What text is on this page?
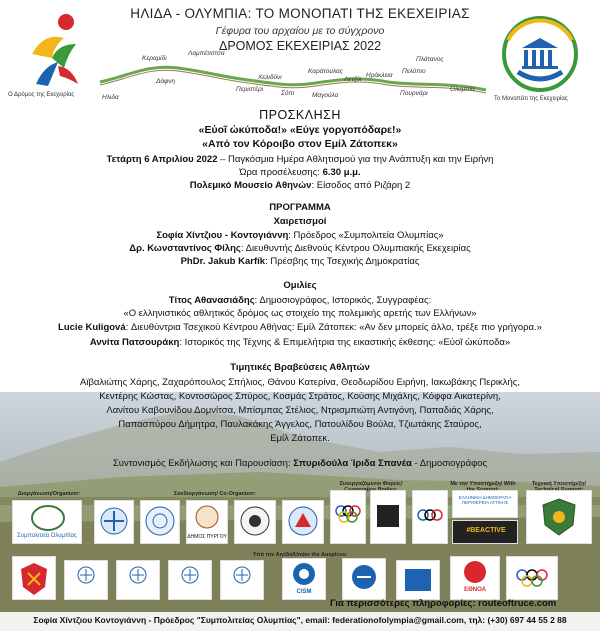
Ο Δρόμος της Εκεχειρίας
ΗΛΙΔΑ - ΟΛΥΜΠΙΑ: ΤΟ ΜΟΝΟΠΑΤΙ ΤΗΣ ΕΚΕΧΕΙΡΙΑΣ
Γέφυρα του αρχαίου με το σύγχρονο
ΔΡΟΜΟΣ ΕΚΕΧΕΙΡΙΑΣ 2022
Κεραμίδι
Λαμπέτιστσα
Ηλιδα
Δάφνη
Περιστέρι
Χελιδόνι
Σόπι
Καράτουλας
Μαγούλα
Λετζόι
Ηράκλεια
Πελόπιο
Πλάτανος
Πουρνάρι
Ολυμπία
Το Μονοπάτι της Εκεχειρίας
ΠΡΟΣΚΛΗΣΗ
«Εὐοῖ ὠκύποδα!» «Εύγε γοργοπόδαρε!»
«Από τον Κόροιβο στον Εμίλ Ζάτοπεκ»
Τετάρτη 6 Απριλίου 2022 – Παγκόσμια Ημέρα Αθλητισμού για την Ανάπτυξη και την Ειρήνη
Ώρα προσέλευσης: 6.30 μ.μ.
Πολεμικό Μουσείο Αθηνών: Είσοδος από Ριζάρη 2
ΠΡΟΓΡΑΜΜΑ
Χαιρετισμοί
Σοφία Χίντζιου - Κοντογιάννη: Πρόεδρος «Συμπολιτεία Ολυμπίας»
Δρ. Κωνσταντίνος Φίλης: Διευθυντής Διεθνούς Κέντρου Ολυμπιακής Εκεχειρίας
PhDr. Jakub Karfík: Πρέσβης της Τσεχικής Δημοκρατίας
Ομιλίες
Τίτος Αθανασιάδης: Δημοσιογράφος, Ιστορικός, Συγγραφέας:
«Ο ελληνιστικός αθλητικός δρόμος ως στοιχείο της πολεμικής αρετής των Ελλήνων»
Lucie Kuligová: Διευθύντρια Τσεχικού Κέντρου Αθήνας: Εμίλ Ζάτοπεκ: «Αν δεν μπορείς άλλο, τρέξε πιο γρήγορα.»
Αννίτα Πατσουράκη: Ιστορικός της Τέχνης & Επιμελήτρια της εικαστικής έκθεσης: «Εὐοῖ ὠκύποδα»
Τιμητικές Βραβεύσεις Αθλητών
Αϊβαλιώτης Χάρης, Ζαχαρόπουλος Σπήλιος, Θάνου Κατερίνα, Θεοδωρίδου Ειρήνη, Ιακωβάκης Περικλής,
Κεντέρης Κώστας, Κοντοσώρος Σπύρος, Κοσμάς Στράτος, Κούσης Μιχάλης, Κόφφα Αικατερίνη,
Λανίτου Καβουνίδου Δομνίτσα, Μπίσμπας Στέλιος, Ντρισμπιώτη Αντιγόνη, Παπαδιάς Χάρης,
Παπασπύρου Δήμητρα, Παυλακάκης Άγγελος, Πατουλίδου Βούλα, Τζιωτάκης Σταύρος,
Εμίλ Ζάτοπεκ.
Συντονισμός Εκδήλωσης και Παρουσίαση: Σπυριδούλα Ίριδα Σπανέα - Δημοσιογράφος
Διοργάνωση/Organizer:	Συνδιοργάνωση/ Co-Organizer:
Συνεργαζόμενοι Φορείς/	Με την Υποστήριξη/ With	Τεχνική Υποστήριξη/
Συμπολιτεία Ολυμπίας	ΔΗΜΟΣ ΠΥΡΓΟΥ
ΕΛΛΗΝΙΚΗ ΔΗΜΟΚΡΑΤΙΑ ΠΕΡΙΦΕΡΕΙΑ ΑΤΤΙΚΗΣ
#BEACTIVE
Υπό την Αιγίδα/Under the Auspices:
CISM	ΕΘΝΟΑ
Για περισσότερες πληροφορίες: routeoftruce.com
Σοφία Χίντζιου Κοντογιάννη - Πρόεδρος "Συμπολιτείας Ολυμπίας", email: federationofolympia@gmail.com, τηλ: (+30) 697 44 55 2 88
